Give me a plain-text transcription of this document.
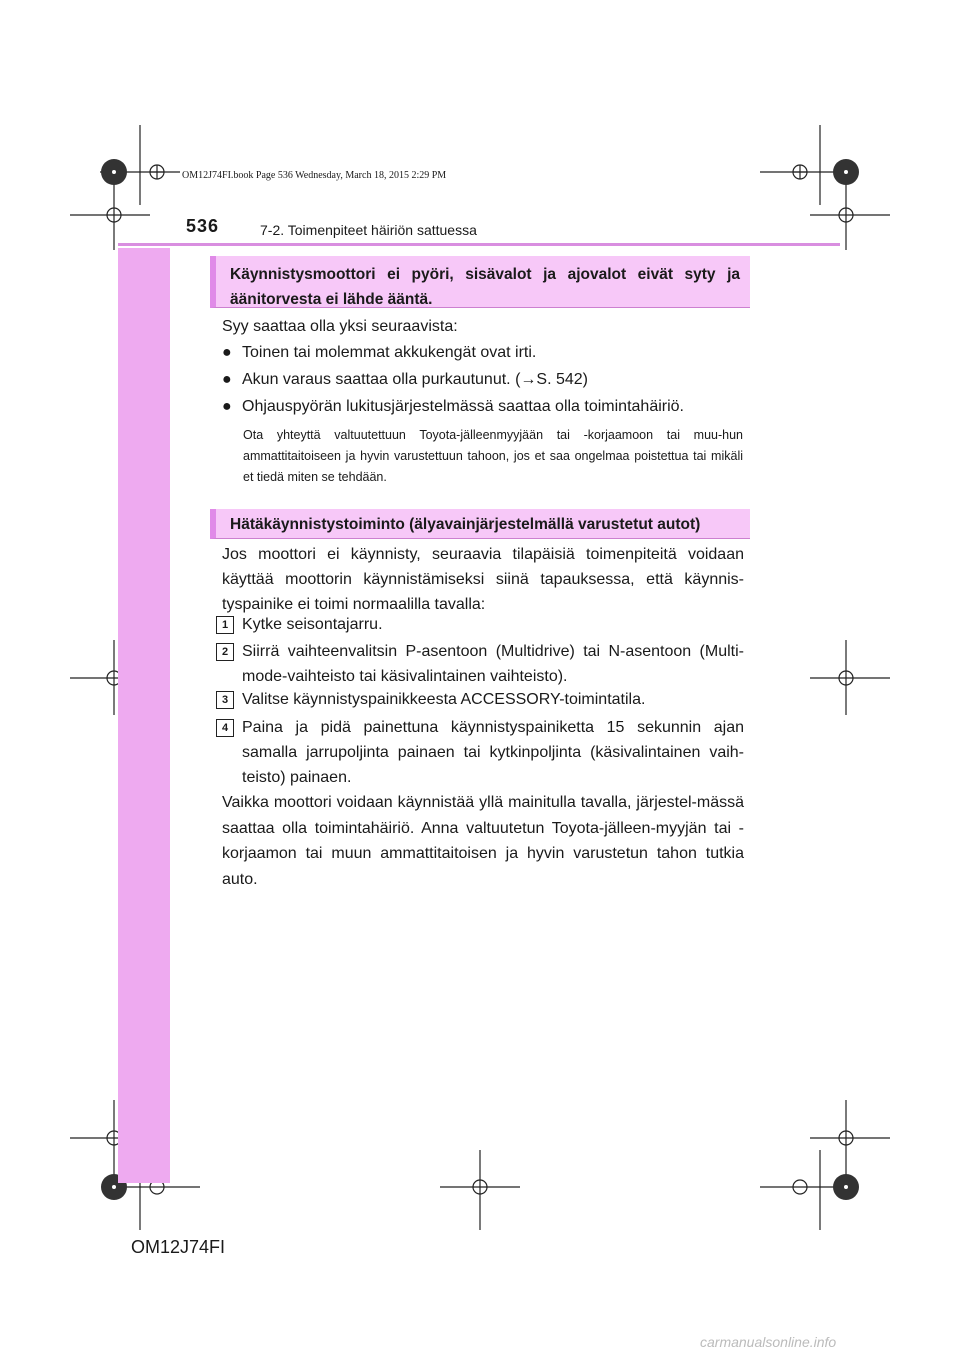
OM12J74FI.book Page 536 Wednesday, March 18, 2015 2:29 PM
536	7-2. Toimenpiteet häiriön sattuessa
Käynnistysmoottori ei pyöri, sisävalot ja ajovalot eivät syty ja äänitorvesta ei lähde ääntä.
Syy saattaa olla yksi seuraavista:
● Toinen tai molemmat akkukengät ovat irti.
● Akun varaus saattaa olla purkautunut. (→S. 542)
● Ohjauspyörän lukitusjärjestelmässä saattaa olla toimintahäiriö.
Ota yhteyttä valtuutettuun Toyota-jälleenmyyjään tai -korjaamoon tai muu-hun ammattitaitoiseen ja hyvin varustettuun tahoon, jos et saa ongelmaa poistettua tai mikäli et tiedä miten se tehdään.
Hätäkäynnistystoiminto (älyavainjärjestelmällä varustetut autot)
Jos moottori ei käynnisty, seuraavia tilapäisiä toimenpiteitä voidaan käyttää moottorin käynnistämiseksi siinä tapauksessa, että käynnis-tyspainike ei toimi normaalilla tavalla:
1 Kytke seisontajarru.
2 Siirrä vaihteenvalitsin P-asentoon (Multidrive) tai N-asentoon (Multi-mode-vaihteisto tai käsivalintainen vaihteisto).
3 Valitse käynnistyspainikkeesta ACCESSORY-toimintatila.
4 Paina ja pidä painettuna käynnistyspainiketta 15 sekunnin ajan samalla jarrupoljinta painaen tai kytkinpoljinta (käsivalintainen vaih-teisto) painaen.
Vaikka moottori voidaan käynnistää yllä mainitulla tavalla, järjestel-mässä saattaa olla toimintahäiriö. Anna valtuutetun Toyota-jälleen-myyjän tai -korjaamon tai muun ammattitaitoisen ja hyvin varustetun tahon tutkia auto.
OM12J74FI
carmanualsonline.info
